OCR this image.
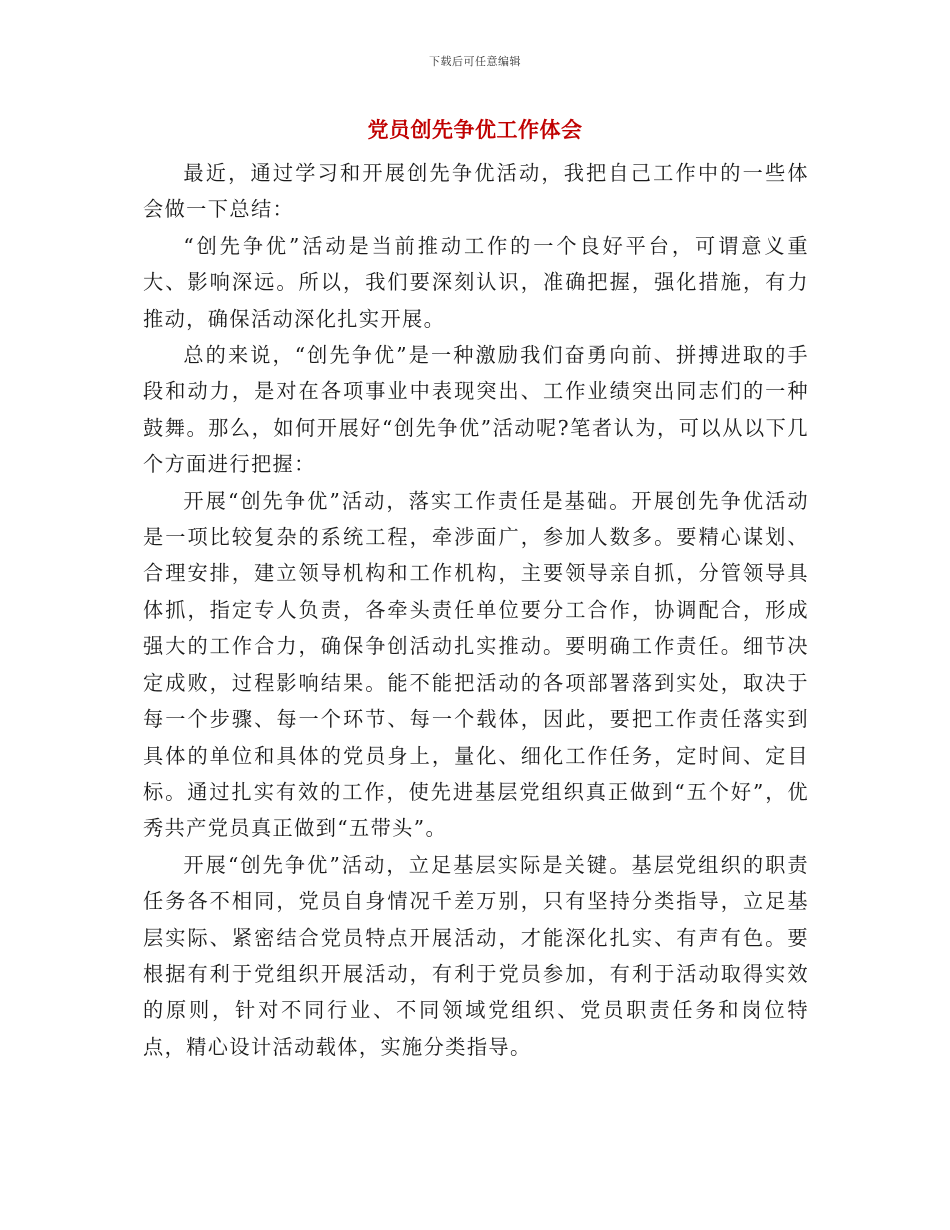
下载后可任意编辑
党员创先争优工作体会

最近，通过学习和开展创先争优活动，我把自己工作中的一些体会做一下总结：

“创先争优”活动是当前推动工作的一个良好平台，可谓意义重大、影响深远。所以，我们要深刻认识，准确把握，强化措施，有力推动，确保活动深化扎实开展。

总的来说，“创先争优”是一种激励我们奋勇向前、拼搏进取的手段和动力，是对在各项事业中表现突出、工作业绩突出同志们的一种鼓舞。那么，如何开展好“创先争优”活动呢?笔者认为，可以从以下几个方面进行把握：

开展“创先争优”活动，落实工作责任是基础。开展创先争优活动是一项比较复杂的系统工程，牵涉面广，参加人数多。要精心谋划、合理安排，建立领导机构和工作机构，主要领导亲自抓，分管领导具体抓，指定专人负责，各牵头责任单位要分工合作，协调配合，形成强大的工作合力，确保争创活动扎实推动。要明确工作责任。细节决定成败，过程影响结果。能不能把活动的各项部署落到实处，取决于每一个步骤、每一个环节、每一个载体，因此，要把工作责任落实到具体的单位和具体的党员身上，量化、细化工作任务，定时间、定目标。通过扎实有效的工作，使先进基层党组织真正做到“五个好”，优秀共产党员真正做到“五带头”。

开展“创先争优”活动，立足基层实际是关键。基层党组织的职责任务各不相同，党员自身情况千差万别，只有坚持分类指导，立足基层实际、紧密结合党员特点开展活动，才能深化扎实、有声有色。要根据有利于党组织开展活动，有利于党员参加，有利于活动取得实效的原则，针对不同行业、不同领域党组织、党员职责任务和岗位特点，精心设计活动载体，实施分类指导。
